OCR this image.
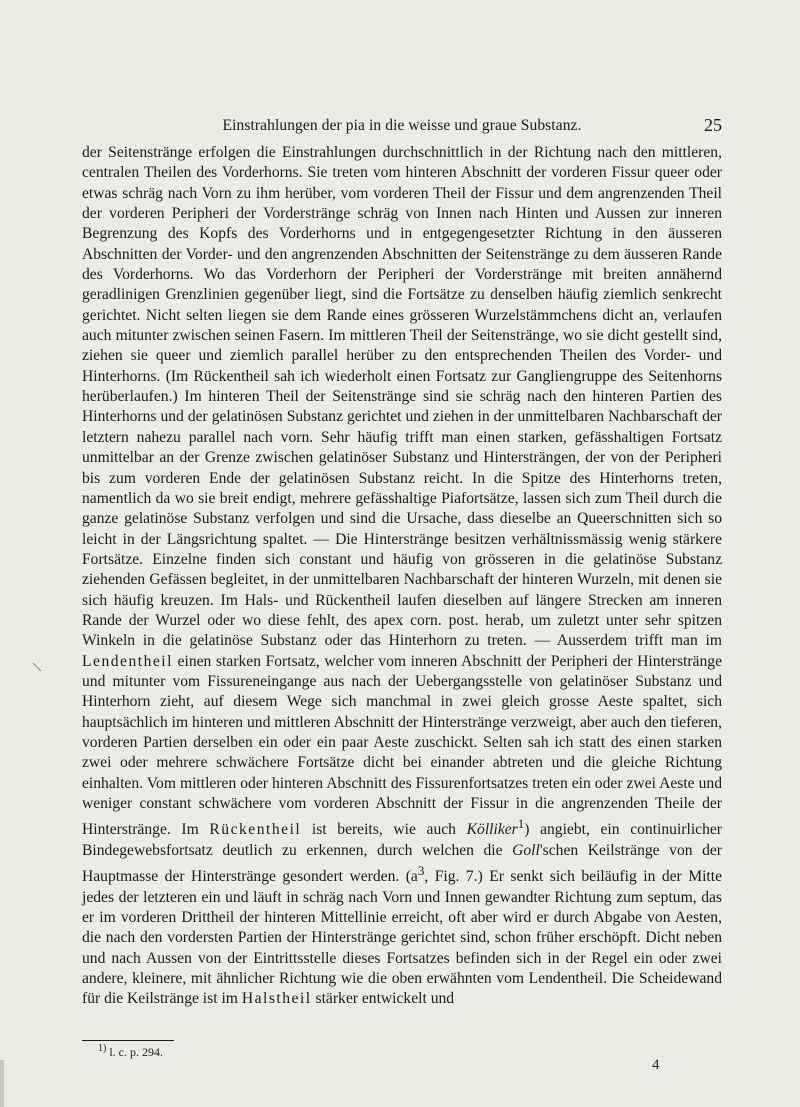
Einstrahlungen der pia in die weisse und graue Substanz.	25
der Seitenstränge erfolgen die Einstrahlungen durchschnittlich in der Richtung nach den mittleren, centralen Theilen des Vorderhorns. Sie treten vom hinteren Abschnitt der vorderen Fissur queer oder etwas schräg nach Vorn zu ihm herüber, vom vorderen Theil der Fissur und dem angrenzenden Theil der vorderen Peripheri der Vorderstränge schräg von Innen nach Hinten und Aussen zur inneren Begrenzung des Kopfs des Vorderhorns und in entgegengesetzter Richtung in den äusseren Abschnitten der Vorder- und den angrenzenden Abschnitten der Seitenstränge zu dem äusseren Rande des Vorderhorns. Wo das Vorderhorn der Peripheri der Vorderstränge mit breiten annähernd geradlinigen Grenzlinien gegenüber liegt, sind die Fortsätze zu denselben häufig ziemlich senkrecht gerichtet. Nicht selten liegen sie dem Rande eines grösseren Wurzelstämmchens dicht an, verlaufen auch mitunter zwischen seinen Fasern. Im mittleren Theil der Seitenstränge, wo sie dicht gestellt sind, ziehen sie queer und ziemlich parallel herüber zu den entsprechenden Theilen des Vorder- und Hinterhorns. (Im Rückentheil sah ich wiederholt einen Fortsatz zur Gangliengruppe des Seitenhorns herüberlaufen.) Im hinteren Theil der Seitenstränge sind sie schräg nach den hinteren Partien des Hinterhorns und der gelatinösen Substanz gerichtet und ziehen in der unmittelbaren Nachbarschaft der letztern nahezu parallel nach vorn. Sehr häufig trifft man einen starken, gefässhaltigen Fortsatz unmittelbar an der Grenze zwischen gelatinöser Substanz und Hintersträngen, der von der Peripheri bis zum vorderen Ende der gelatinösen Substanz reicht. In die Spitze des Hinterhorns treten, namentlich da wo sie breit endigt, mehrere gefässhaltige Piafortsätze, lassen sich zum Theil durch die ganze gelatinöse Substanz verfolgen und sind die Ursache, dass dieselbe an Queerschnitten sich so leicht in der Längsrichtung spaltet. — Die Hinterstränge besitzen verhältnissmässig wenig stärkere Fortsätze. Einzelne finden sich constant und häufig von grösseren in die gelatinöse Substanz ziehenden Gefässen begleitet, in der unmittelbaren Nachbarschaft der hinteren Wurzeln, mit denen sie sich häufig kreuzen. Im Hals- und Rückentheil laufen dieselben auf längere Strecken am inneren Rande der Wurzel oder wo diese fehlt, des apex corn. post. herab, um zuletzt unter sehr spitzen Winkeln in die gelatinöse Substanz oder das Hinterhorn zu treten. — Ausserdem trifft man im Lendentheil einen starken Fortsatz, welcher vom inneren Abschnitt der Peripheri der Hinterstränge und mitunter vom Fissureneingange aus nach der Uebergangsstelle von gelatinöser Substanz und Hinterhorn zieht, auf diesem Wege sich manchmal in zwei gleich grosse Aeste spaltet, sich hauptsächlich im hinteren und mittleren Abschnitt der Hinterstränge verzweigt, aber auch den tieferen, vorderen Partien derselben ein oder ein paar Aeste zuschickt. Selten sah ich statt des einen starken zwei oder mehrere schwächere Fortsätze dicht bei einander abtreten und die gleiche Richtung einhalten. Vom mittleren oder hinteren Abschnitt des Fissurenfortsatzes treten ein oder zwei Aeste und weniger constant schwächere vom vorderen Abschnitt der Fissur in die angrenzenden Theile der Hinterstränge. Im Rückentheil ist bereits, wie auch Kölliker$^1$) angiebt, ein continuirlicher Bindegewebsfortsatz deutlich zu erkennen, durch welchen die Goll'schen Keilstränge von der Hauptmasse der Hinterstränge gesondert werden. ($a^3$, Fig. 7.) Er senkt sich beiläufig in der Mitte jedes der letzteren ein und läuft in schräg nach Vorn und Innen gewandter Richtung zum septum, das er im vorderen Drittheil der hinteren Mittellinie erreicht, oft aber wird er durch Abgabe von Aesten, die nach den vordersten Partien der Hinterstränge gerichtet sind, schon früher erschöpft. Dicht neben und nach Aussen von der Eintrittsstelle dieses Fortsatzes befinden sich in der Regel ein oder zwei andere, kleinere, mit ähnlicher Richtung wie die oben erwähnten vom Lendentheil. Die Scheidewand für die Keilstränge ist im Halstheil stärker entwickelt und
$^{1)}$ l. c. p. 294.
4
